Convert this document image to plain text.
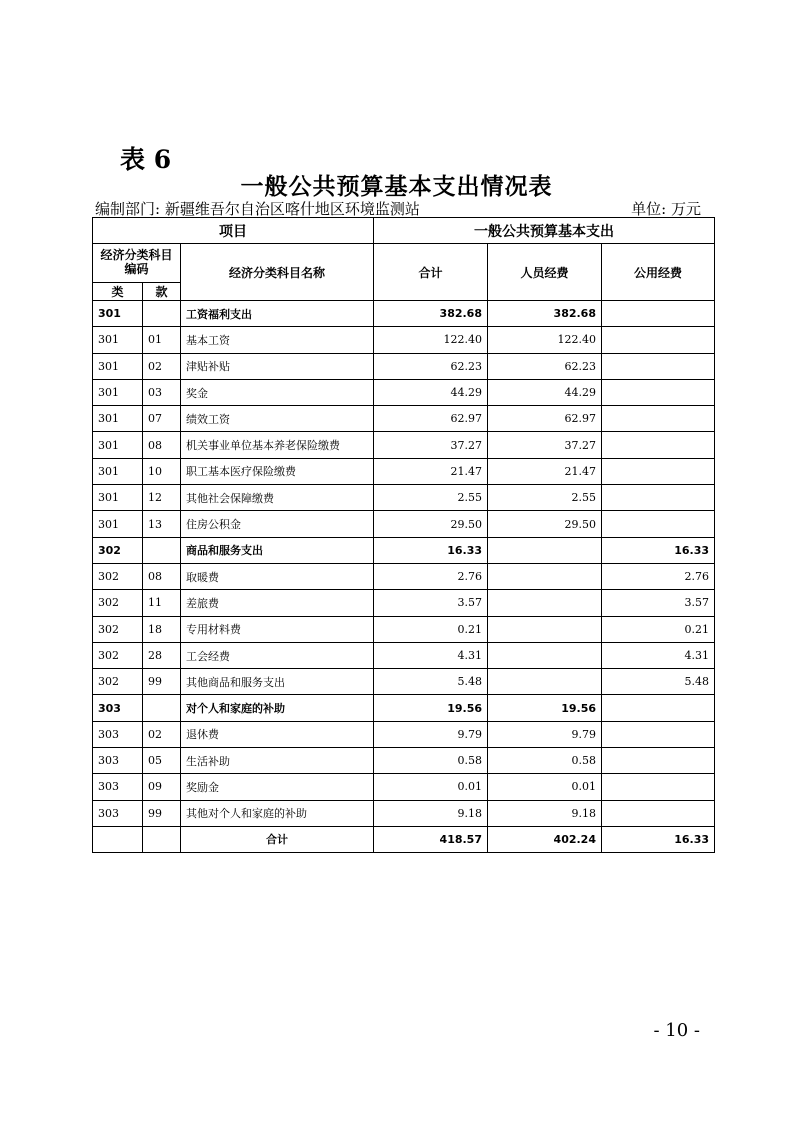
表 6
一般公共预算基本支出情况表
编制部门: 新疆维吾尔自治区喀什地区环境监测站	单位: 万元
项目			一般公共预算基本支出		
经济分类科目编码		经济分类科目名称	合计	人员经费	公用经费
类	款				
301		工资福利支出	382.68	382.68	
301	01	基本工资	122.40	122.40	
301	02	津贴补贴	62.23	62.23	
301	03	奖金	44.29	44.29	
301	07	绩效工资	62.97	62.97	
301	08	机关事业单位基本养老保险缴费	37.27	37.27	
301	10	职工基本医疗保险缴费	21.47	21.47	
301	12	其他社会保障缴费	2.55	2.55	
301	13	住房公积金	29.50	29.50	
302		商品和服务支出	16.33		16.33
302	08	取暖费	2.76		2.76
302	11	差旅费	3.57		3.57
302	18	专用材料费	0.21		0.21
302	28	工会经费	4.31		4.31
302	99	其他商品和服务支出	5.48		5.48
303		对个人和家庭的补助	19.56	19.56	
303	02	退休费	9.79	9.79	
303	05	生活补助	0.58	0.58	
303	09	奖励金	0.01	0.01	
303	99	其他对个人和家庭的补助	9.18	9.18	
		合计	418.57	402.24	16.33
- 10 -
